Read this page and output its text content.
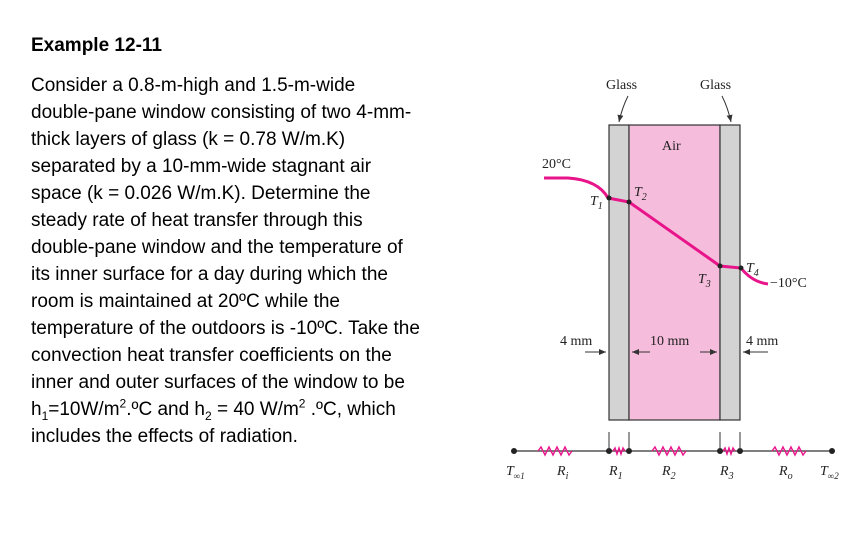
Example 12-11

Consider a 0.8-m-high and 1.5-m-wide
double-pane window consisting of two 4-mm-
thick layers of glass (k = 0.78 W/m.K)
separated by a 10-mm-wide stagnant air
space (k = 0.026 W/m.K). Determine the
steady rate of heat transfer through this
double-pane window and the temperature of
its inner surface for a day during which the
room is maintained at 20ºC while the
temperature of the outdoors is -10ºC. Take the
convection heat transfer coefficients on the
inner and outer surfaces of the window to be
$h_1=10W/m^2.ºC$ and $h_2 = 40$ $W/m^2$ .ºC, which
includes the effects of radiation.

Glass	Glass
Air
20°C
−10°C
$T_1$
$T_2$
$T_3$
$T_4$
4 mm	10 mm	4 mm
$T_{\infty 1}$ $R_i$	$R_1$	$R_2$	$R_3$	$R_o$ $T_{\infty 2}$
